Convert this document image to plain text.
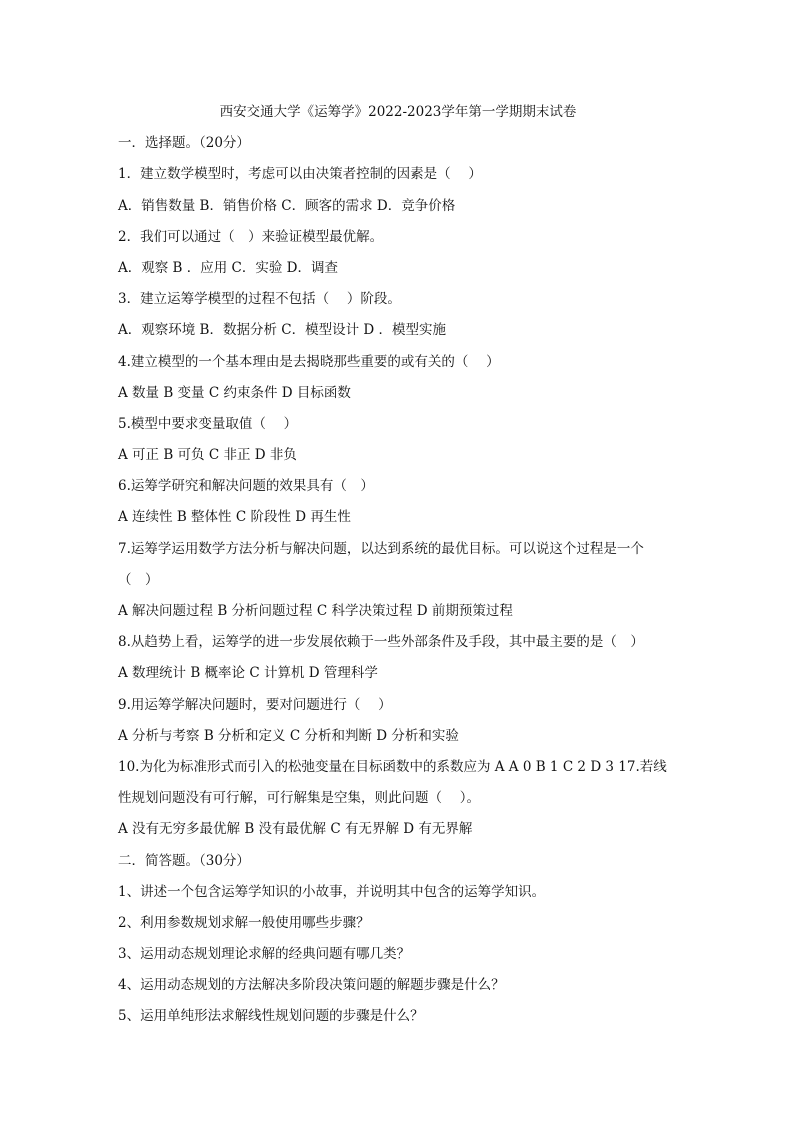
西安交通大学《运筹学》2022-2023学年第一学期期末试卷
一．选择题。（20分）
1．建立数学模型时，考虑可以由决策者控制的因素是（　 ）
A．销售数量 B．销售价格 C．顾客的需求 D．竞争价格
2．我们可以通过（　）来验证模型最优解。
A．观察 B ．应用 C．实验 D．调查
3．建立运筹学模型的过程不包括（　 ）阶段。
A．观察环境 B．数据分析 C．模型设计 D ．模型实施
4.建立模型的一个基本理由是去揭晓那些重要的或有关的（　 ）
A 数量 B 变量 C 约束条件 D 目标函数
5.模型中要求变量取值（　 ）
A 可正 B 可负 C 非正 D 非负
6.运筹学研究和解决问题的效果具有（　）
A 连续性 B 整体性 C 阶段性 D 再生性
7.运筹学运用数学方法分析与解决问题，以达到系统的最优目标。可以说这个过程是一个
（　）
A 解决问题过程 B 分析问题过程 C 科学决策过程 D 前期预策过程
8.从趋势上看，运筹学的进一步发展依赖于一些外部条件及手段，其中最主要的是（　）
A 数理统计 B 概率论 C 计算机 D 管理科学
9.用运筹学解决问题时，要对问题进行（　 ）
A 分析与考察 B 分析和定义 C 分析和判断 D 分析和实验
10.为化为标准形式而引入的松弛变量在目标函数中的系数应为 A A 0 B 1 C 2 D 3 17.若线
性规划问题没有可行解，可行解集是空集，则此问题（　 ）。
A 没有无穷多最优解 B 没有最优解 C 有无界解 D 有无界解
二．简答题。（30分）
1、讲述一个包含运筹学知识的小故事，并说明其中包含的运筹学知识。
2、利用参数规划求解一般使用哪些步骤？
3、运用动态规划理论求解的经典问题有哪几类？
4、运用动态规划的方法解决多阶段决策问题的解题步骤是什么？
5、运用单纯形法求解线性规划问题的步骤是什么？
